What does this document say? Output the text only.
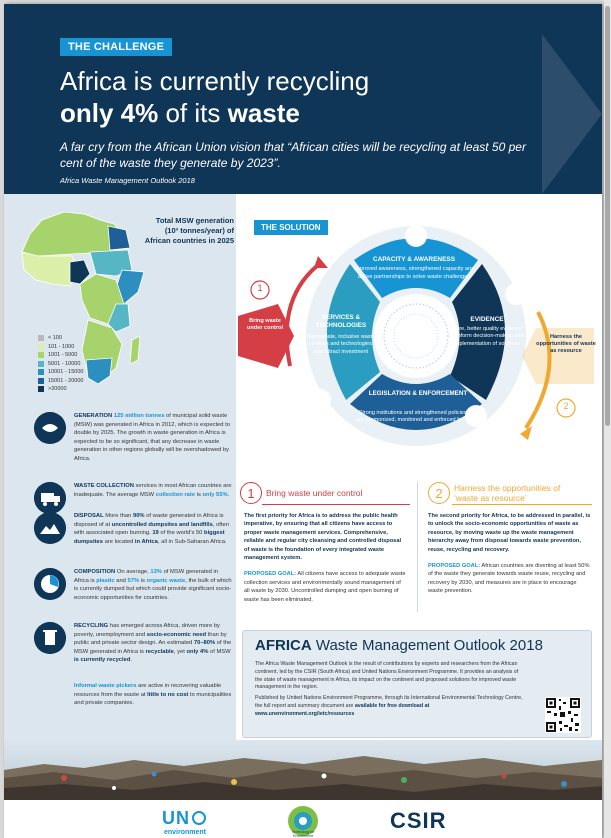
THE CHALLENGE
Africa is currently recycling
only 4% of its waste
A far cry from the African Union vision that “African cities will be recycling at least 50 per cent of the waste they generate by 2023”.
Africa Waste Management Outlook 2018
Total MSW generation (10³ tonnes/year) of African countries in 2025
< 100
101 - 1000
1001 - 5000
5001 - 10000
10001 - 15000
15001 - 20000
>20000
GENERATION 125 million tonnes of municipal solid waste (MSW) was generated in Africa in 2012, which is expected to double by 2025. The growth in waste generation in Africa is expected to be so significant, that any decrease in waste generation in other regions globally will be overshadowed by Africa.
WASTE COLLECTION services in most African countries are inadequate. The average MSW collection rate is only 55%.
DISPOSAL More than 90% of waste generated in Africa is disposed of at uncontrolled dumpsites and landfills, often with associated open burning. 19 of the world's 50 biggest dumpsites are located in Africa, all in Sub-Saharan Africa.
COMPOSITION On average, 13% of MSW generated in Africa is plastic and 57% is organic waste, the bulk of which is currently dumped but which could provide significant socio-economic opportunities for countries.
RECYCLING has emerged across Africa, driven more by poverty, unemployment and socio-economic need than by public and private sector design. An estimated 70–80% of the MSW generated in Africa is recyclable, yet only 4% of MSW is currently recycled.
Informal waste pickers are active in recovering valuable resources from the waste at little to no cost to municipalities and private companies.
THE SOLUTION
CAPACITY & AWARENESS
Improved awareness, strengthened capacity and active partnerships to solve waste challenges
SERVICES & TECHNOLOGIES
Appropriate, inclusive waste services and technologies, that attract investment
EVIDENCE
More, better quality evidence to inform decision-making and implementation of solutions
LEGISLATION & ENFORCEMENT
Strong institutions and strengthened policies that are harmonized, monitored and enforced for action
1
Bring waste under control
Harness the opportunities of waste as resource
2
1	Bring waste under control

The first priority for Africa is to address the public health imperative, by ensuring that all citizens have access to proper waste management services. Comprehensive, reliable and regular city cleansing and controlled disposal of waste is the foundation of every integrated waste management system.

PROPOSED GOAL: All citizens have access to adequate waste collection services and environmentally sound management of all waste by 2030. Uncontrolled dumping and open burning of waste has been eliminated.

2	Harness the opportunities of ‘waste as resource’

The second priority for Africa, to be addressed in parallel, is to unlock the socio-economic opportunities of waste as resource, by moving waste up the waste management hierarchy away from disposal towards waste prevention, reuse, recycling and recovery.

PROPOSED GOAL: African countries are diverting at least 50% of the waste they generate towards waste reuse, recycling and recovery by 2030, and measures are in place to encourage waste prevention.

AFRICA Waste Management Outlook 2018

The Africa Waste Management Outlook is the result of contributions by experts and researchers from the African continent, led by the CSIR (South Africa) and United Nations Environment Programme. It provides an analysis of the state of waste management in Africa, its impact on the continent and proposed solutions for improved waste management in the region.

Published by United Nations Environment Programme, through its International Environmental Technology Centre, the full report and summary document are available for free download at www.unenvironment.org/ietc/resources

UN
environment	Technology for Environment
CSIR
